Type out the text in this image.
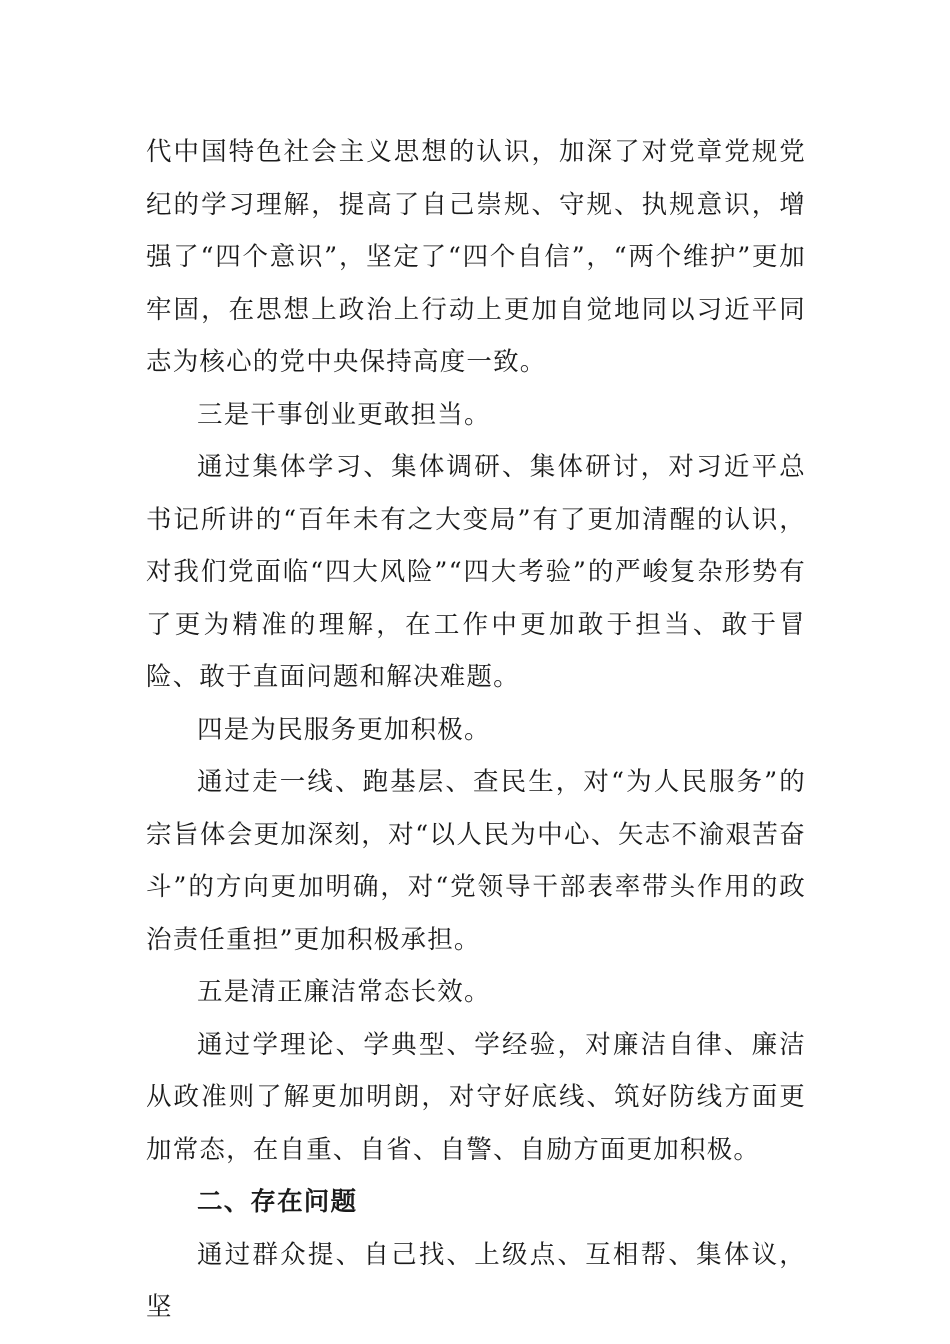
代中国特色社会主义思想的认识，加深了对党章党规党纪的学习理解，提高了自己崇规、守规、执规意识，增强了“四个意识”，坚定了“四个自信”，“两个维护”更加牢固，在思想上政治上行动上更加自觉地同以习近平同志为核心的党中央保持高度一致。

三是干事创业更敢担当。

通过集体学习、集体调研、集体研讨，对习近平总书记所讲的“百年未有之大变局”有了更加清醒的认识，对我们党面临“四大风险”“四大考验”的严峻复杂形势有了更为精准的理解，在工作中更加敢于担当、敢于冒险、敢于直面问题和解决难题。

四是为民服务更加积极。

通过走一线、跑基层、查民生，对“为人民服务”的宗旨体会更加深刻，对“以人民为中心、矢志不渝艰苦奋斗”的方向更加明确，对“党领导干部表率带头作用的政治责任重担”更加积极承担。

五是清正廉洁常态长效。

通过学理论、学典型、学经验，对廉洁自律、廉洁从政准则了解更加明朗，对守好底线、筑好防线方面更加常态，在自重、自省、自警、自励方面更加积极。

二、存在问题

通过群众提、自己找、上级点、互相帮、集体议，坚
